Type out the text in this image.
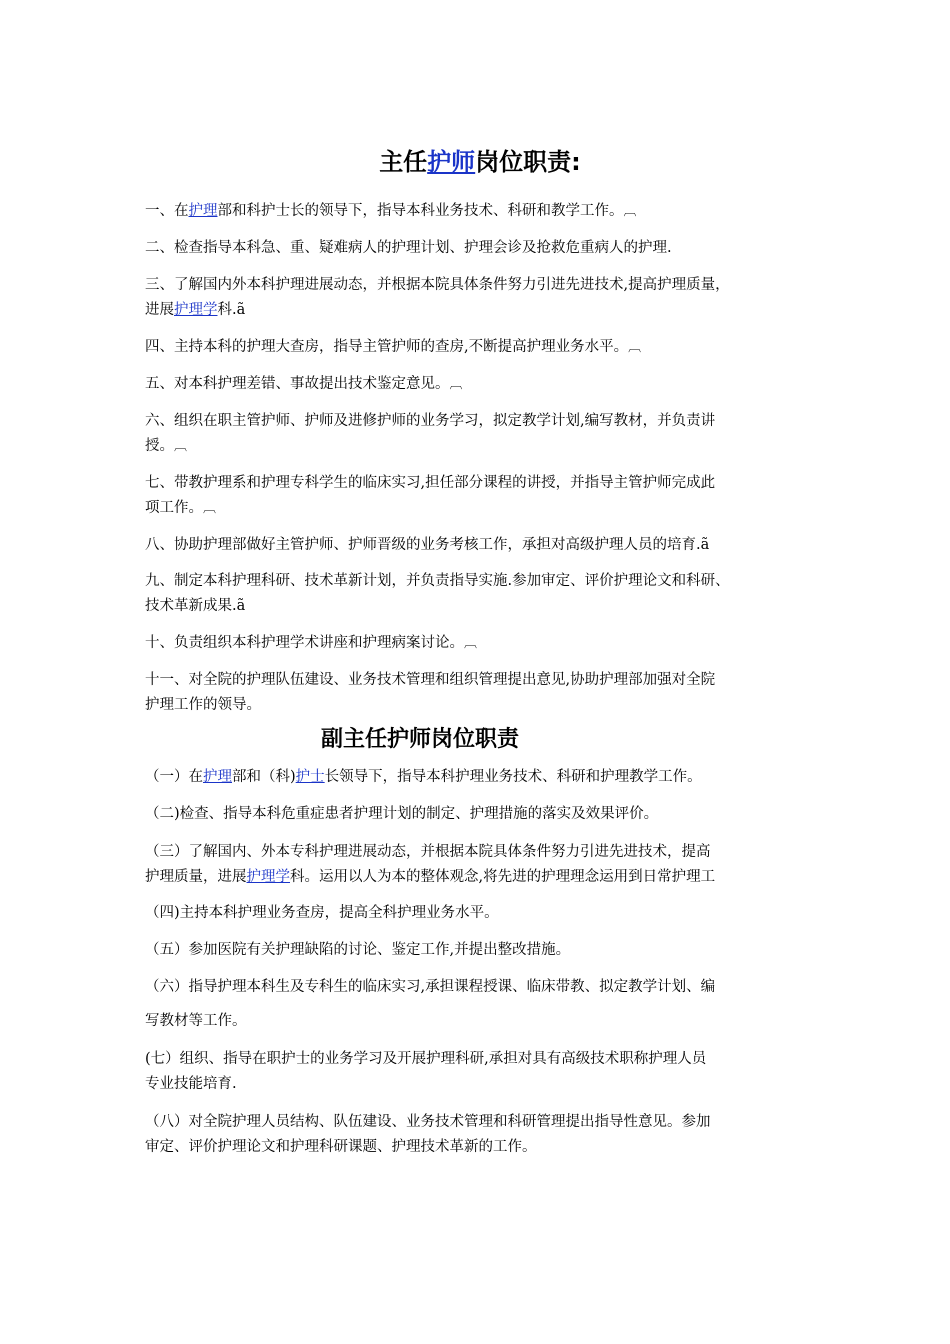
主任护师岗位职责:

一、在护理部和科护士长的领导下，指导本科业务技术、科研和教学工作。︹

二、检查指导本科急、重、疑难病人的护理计划、护理会诊及抢救危重病人的护理.

三、了解国内外本科护理进展动态，并根据本院具体条件努力引进先进技术,提高护理质量，
进展护理学科.ã

四、主持本科的护理大查房，指导主管护师的查房,不断提高护理业务水平。︹

五、对本科护理差错、事故提出技术鉴定意见。︹

六、组织在职主管护师、护师及进修护师的业务学习，拟定教学计划,编写教材，并负责讲
授。︹

七、带教护理系和护理专科学生的临床实习,担任部分课程的讲授，并指导主管护师完成此
项工作。︹

八、协助护理部做好主管护师、护师晋级的业务考核工作，承担对高级护理人员的培育.ã

九、制定本科护理科研、技术革新计划，并负责指导实施.参加审定、评价护理论文和科研、
技术革新成果.ã

十、负责组织本科护理学术讲座和护理病案讨论。︹

十一、对全院的护理队伍建设、业务技术管理和组织管理提出意见,协助护理部加强对全院
护理工作的领导。

副主任护师岗位职责

（一）在护理部和（科)护士长领导下，指导本科护理业务技术、科研和护理教学工作。

（二)检查、指导本科危重症患者护理计划的制定、护理措施的落实及效果评价。

（三）了解国内、外本专科护理进展动态，并根据本院具体条件努力引进先进技术，提高
护理质量，进展护理学科。运用以人为本的整体观念,将先进的护理理念运用到日常护理工

（四)主持本科护理业务查房，提高全科护理业务水平。

（五）参加医院有关护理缺陷的讨论、鉴定工作,并提出整改措施。

（六）指导护理本科生及专科生的临床实习,承担课程授课、临床带教、拟定教学计划、编
写教材等工作。

(七）组织、指导在职护士的业务学习及开展护理科研,承担对具有高级技术职称护理人员
专业技能培育.

（八）对全院护理人员结构、队伍建设、业务技术管理和科研管理提出指导性意见。参加
审定、评价护理论文和护理科研课题、护理技术革新的工作。
